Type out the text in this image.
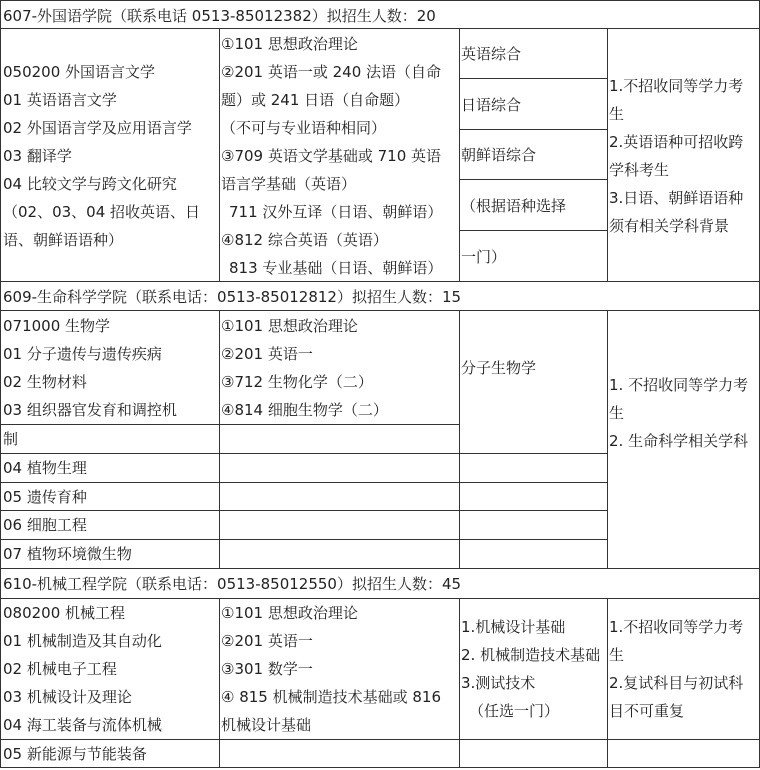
607-外国语学院（联系电话 0513-85012382）拟招生人数：20
050200 外国语言文学
01 英语语言文学
02 外国语言学及应用语言学
03 翻译学
04 比较文学与跨文化研究
（02、03、04 招收英语、日
语、朝鲜语语种）
①101 思想政治理论
②201 英语一或 240 法语（自命
题）或 241 日语（自命题）
（不可与专业语种相同）
③709 英语文学基础或 710 英语
语言学基础（英语）
711 汉外互译（日语、朝鲜语）
④812 综合英语（英语）
813 专业基础（日语、朝鲜语）
英语综合
日语综合
朝鲜语综合
（根据语种选择
一门）
1.不招收同等学力考
生
2.英语语种可招收跨
学科考生
3.日语、朝鲜语语种
须有相关学科背景
609-生命科学学院（联系电话：0513-85012812）拟招生人数：15
071000 生物学
01 分子遗传与遗传疾病
02 生物材料
03 组织器官发育和调控机
制
04 植物生理
05 遗传育种
06 细胞工程
07 植物环境微生物
①101 思想政治理论
②201 英语一
③712 生物化学（二）
④814 细胞生物学（二）
分子生物学
1. 不招收同等学力考
生
2. 生命科学相关学科
610-机械工程学院（联系电话：0513-85012550）拟招生人数：45
080200 机械工程
01 机械制造及其自动化
02 机械电子工程
03 机械设计及理论
04 海工装备与流体机械
05 新能源与节能装备
①101 思想政治理论
②201 英语一
③301 数学一
④ 815 机械制造技术基础或 816
机械设计基础
1.机械设计基础
2. 机械制造技术基础
3.测试技术
（任选一门）
1.不招收同等学力考
生
2.复试科目与初试科
目不可重复
